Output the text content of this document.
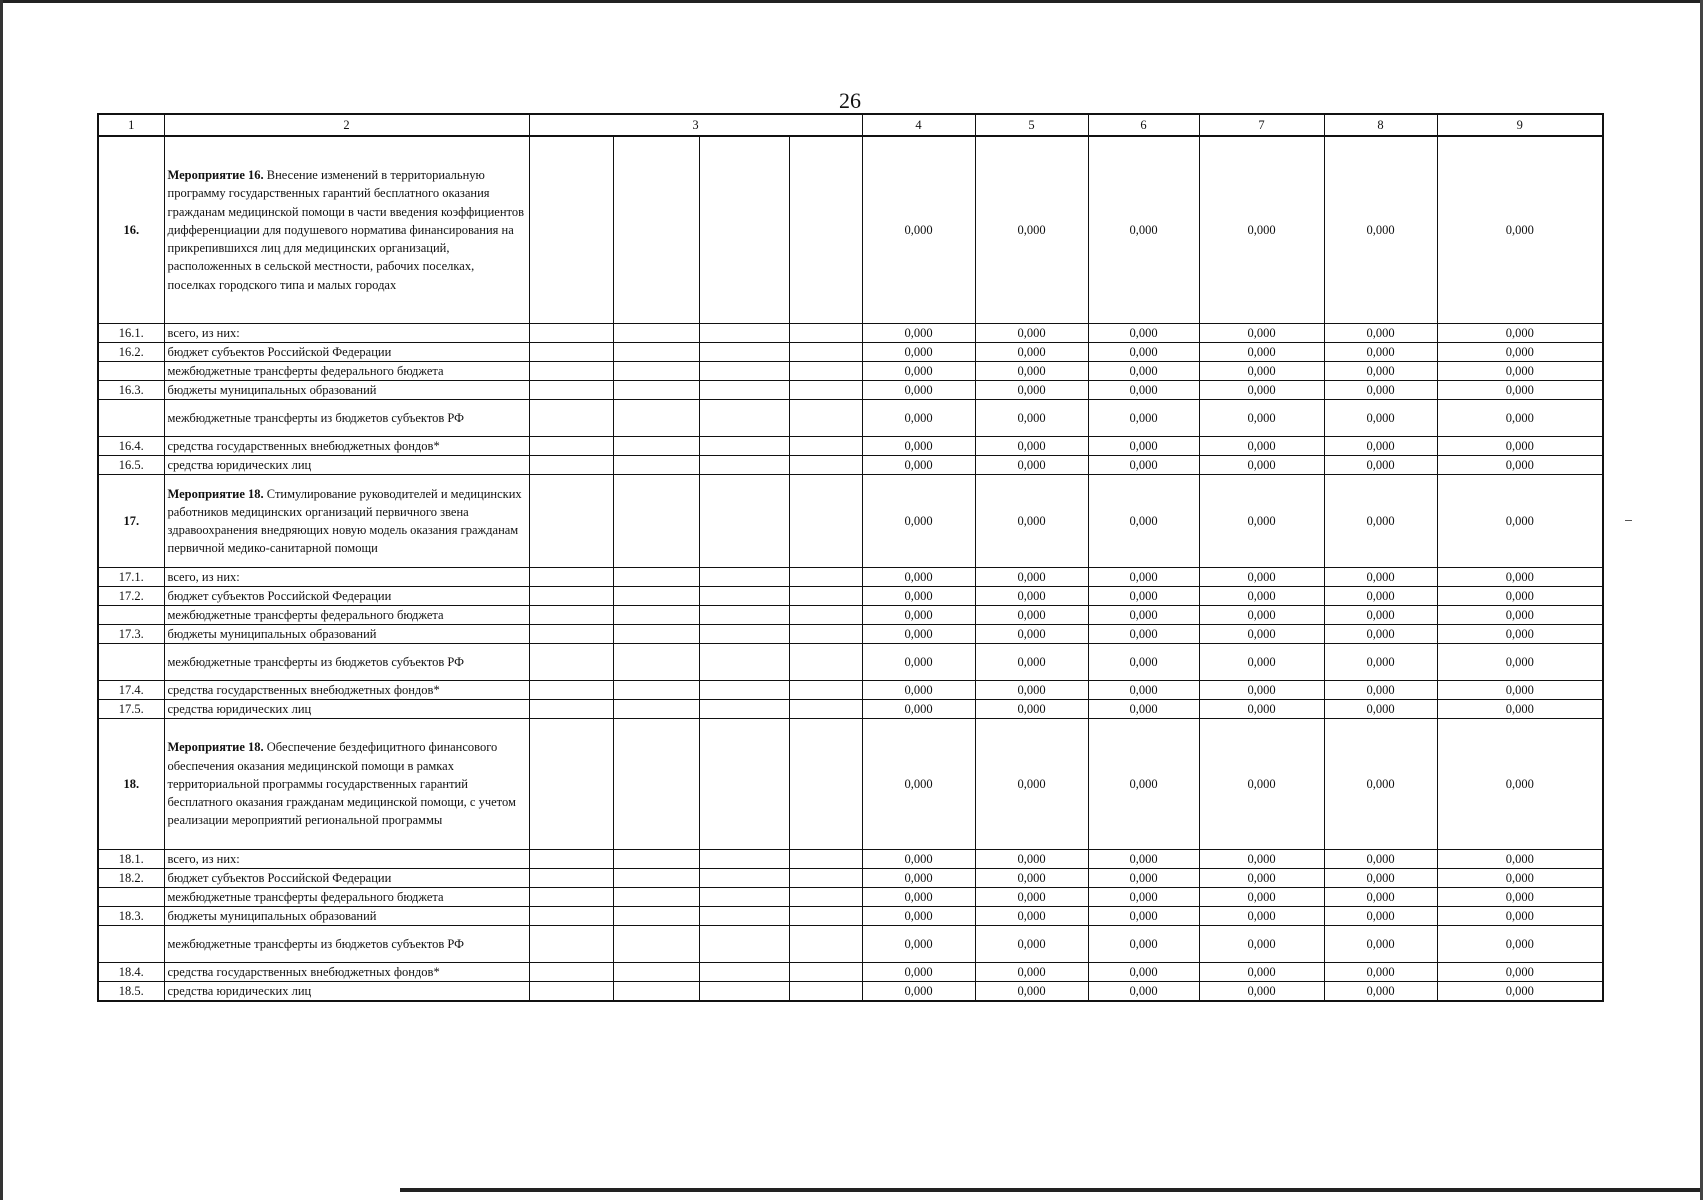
26
1	2	3				4	5	6	7	8	9
16.	Мероприятие 16. Внесение изменений в территориальную программу государственных гарантий бесплатного оказания гражданам медицинской помощи в части введения коэффициентов дифференциации для подушевого норматива финансирования на прикрепившихся лиц для медицинских организаций, расположенных в сельской местности, рабочих поселках, поселках городского типа и малых городах					0,000	0,000	0,000	0,000	0,000	0,000
16.1.	всего, из них:					0,000	0,000	0,000	0,000	0,000	0,000
16.2.	бюджет субъектов Российской Федерации					0,000	0,000	0,000	0,000	0,000	0,000
	межбюджетные трансферты федерального бюджета					0,000	0,000	0,000	0,000	0,000	0,000
16.3.	бюджеты муниципальных образований					0,000	0,000	0,000	0,000	0,000	0,000
	межбюджетные трансферты из бюджетов субъектов РФ					0,000	0,000	0,000	0,000	0,000	0,000
16.4.	средства государственных внебюджетных фондов*					0,000	0,000	0,000	0,000	0,000	0,000
16.5.	средства юридических лиц					0,000	0,000	0,000	0,000	0,000	0,000
17.	Мероприятие 18. Стимулирование руководителей и медицинских работников медицинских организаций первичного звена здравоохранения внедряющих новую модель оказания гражданам первичной медико-санитарной помощи					0,000	0,000	0,000	0,000	0,000	0,000
17.1.	всего, из них:					0,000	0,000	0,000	0,000	0,000	0,000
17.2.	бюджет субъектов Российской Федерации					0,000	0,000	0,000	0,000	0,000	0,000
	межбюджетные трансферты федерального бюджета					0,000	0,000	0,000	0,000	0,000	0,000
17.3.	бюджеты муниципальных образований					0,000	0,000	0,000	0,000	0,000	0,000
	межбюджетные трансферты из бюджетов субъектов РФ					0,000	0,000	0,000	0,000	0,000	0,000
17.4.	средства государственных внебюджетных фондов*					0,000	0,000	0,000	0,000	0,000	0,000
17.5.	средства юридических лиц					0,000	0,000	0,000	0,000	0,000	0,000
18.	Мероприятие 18. Обеспечение бездефицитного финансового обеспечения оказания медицинской помощи в рамках территориальной программы государственных гарантий бесплатного оказания гражданам медицинской помощи, с учетом реализации мероприятий региональной программы					0,000	0,000	0,000	0,000	0,000	0,000
18.1.	всего, из них:					0,000	0,000	0,000	0,000	0,000	0,000
18.2.	бюджет субъектов Российской Федерации					0,000	0,000	0,000	0,000	0,000	0,000
	межбюджетные трансферты федерального бюджета					0,000	0,000	0,000	0,000	0,000	0,000
18.3.	бюджеты муниципальных образований					0,000	0,000	0,000	0,000	0,000	0,000
	межбюджетные трансферты из бюджетов субъектов РФ					0,000	0,000	0,000	0,000	0,000	0,000
18.4.	средства государственных внебюджетных фондов*					0,000	0,000	0,000	0,000	0,000	0,000
18.5.	средства юридических лиц					0,000	0,000	0,000	0,000	0,000	0,000
